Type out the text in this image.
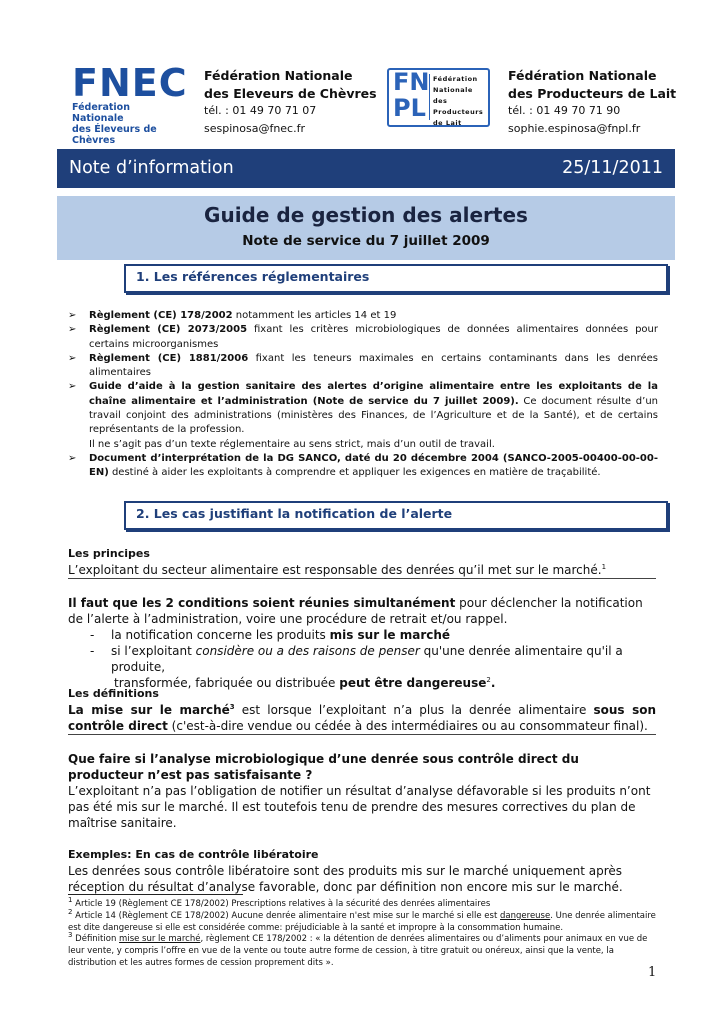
FNEC
Féderation Nationale
des Éleveurs de Chèvres
Fédération Nationale
des Eleveurs de Chèvres
tél. : 01 49 70 71 07
sespinosa@fnec.fr
FN
PL
Fédération
Nationale des
Producteurs
de Lait
Fédération Nationale
des Producteurs de Lait
tél. : 01 49 70 71 90
sophie.espinosa@fnpl.fr
Note d’information	25/11/2011
Guide de gestion des alertes
Note de service du 7 juillet 2009
1. Les références réglementaires
➢ Règlement (CE) 178/2002 notamment les articles 14 et 19
➢ Règlement (CE) 2073/2005 fixant les critères microbiologiques de données alimentaires données pour certains microorganismes
➢ Règlement (CE) 1881/2006 fixant les teneurs maximales en certains contaminants dans les denrées alimentaires
➢ Guide d’aide à la gestion sanitaire des alertes d’origine alimentaire entre les exploitants de la chaîne alimentaire et l’administration (Note de service du 7 juillet 2009). Ce document résulte d’un travail conjoint des administrations (ministères des Finances, de l’Agriculture et de la Santé), et de certains représentants de la profession.
Il ne s’agit pas d’un texte réglementaire au sens strict, mais d’un outil de travail.
➢ Document d’interprétation de la DG SANCO, daté du 20 décembre 2004 (SANCO-2005-00400-00-00-EN) destiné à aider les exploitants à comprendre et appliquer les exigences en matière de traçabilité.
2. Les cas justifiant la notification de l’alerte
Les principes
L’exploitant du secteur alimentaire est responsable des denrées qu’il met sur le marché.$^1$
Il faut que les 2 conditions soient réunies simultanément pour déclencher la notification de l’alerte à l’administration, voire une procédure de retrait et/ou rappel.
- la notification concerne les produits mis sur le marché
- si l’exploitant considère ou a des raisons de penser qu'une denrée alimentaire qu'il a produite,
transformée, fabriquée ou distribuée peut être dangereuse$^2$.
Les définitions
La mise sur le marché$^3$ est lorsque l’exploitant n’a plus la denrée alimentaire sous son contrôle direct (c'est-à-dire vendue ou cédée à des intermédiaires ou au consommateur final).
Que faire si l’analyse microbiologique d’une denrée sous contrôle direct du producteur n’est pas satisfaisante ?
L’exploitant n’a pas l’obligation de notifier un résultat d’analyse défavorable si les produits n’ont pas été mis sur le marché. Il est toutefois tenu de prendre des mesures correctives du plan de maîtrise sanitaire.
Exemples: En cas de contrôle libératoire
Les denrées sous contrôle libératoire sont des produits mis sur le marché uniquement après réception du résultat d’analyse favorable, donc par définition non encore mis sur le marché.
$^1$ Article 19 (Règlement CE 178/2002) Prescriptions relatives à la sécurité des denrées alimentaires
$^2$ Article 14 (Règlement CE 178/2002) Aucune denrée alimentaire n'est mise sur le marché si elle est dangereuse. Une denrée alimentaire est dite dangereuse si elle est considérée comme: préjudiciable à la santé et impropre à la consommation humaine.
$^3$ Définition mise sur le marché, règlement CE 178/2002 : « la détention de denrées alimentaires ou d’aliments pour animaux en vue de leur vente, y compris l’offre en vue de la vente ou toute autre forme de cession, à titre gratuit ou onéreux, ainsi que la vente, la distribution et les autres formes de cession proprement dits ».
1
